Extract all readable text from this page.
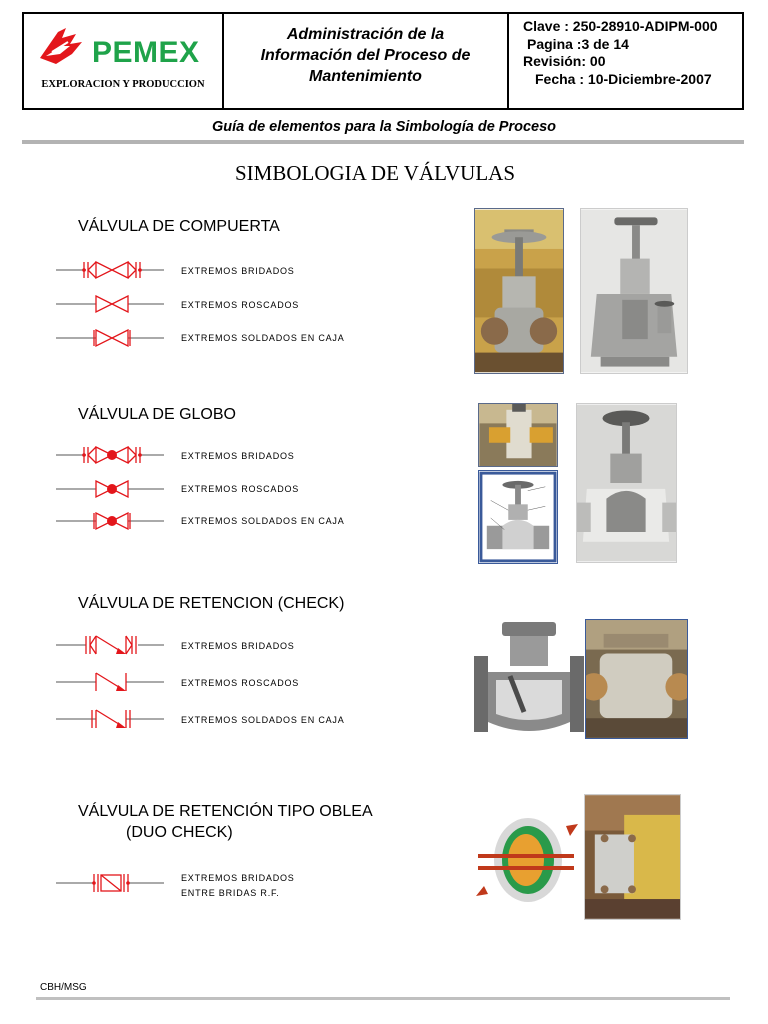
PEMEX
EXPLORACION Y PRODUCCION
Administración de la
Información del Proceso de
Mantenimiento
Clave : 250-28910-ADIPM-000
Pagina :3 de 14
Revisión: 00
Fecha : 10-Diciembre-2007
Guía de elementos para la Simbología de Proceso
SIMBOLOGIA DE VÁLVULAS
VÁLVULA DE COMPUERTA
EXTREMOS BRIDADOS
EXTREMOS ROSCADOS
EXTREMOS SOLDADOS EN CAJA
VÁLVULA DE GLOBO
EXTREMOS BRIDADOS
EXTREMOS ROSCADOS
EXTREMOS SOLDADOS EN CAJA
VÁLVULA DE RETENCION (CHECK)
EXTREMOS BRIDADOS
EXTREMOS ROSCADOS
EXTREMOS SOLDADOS EN CAJA
VÁLVULA DE RETENCIÓN TIPO OBLEA
(DUO CHECK)
EXTREMOS BRIDADOS
ENTRE BRIDAS R.F.
CBH/MSG
